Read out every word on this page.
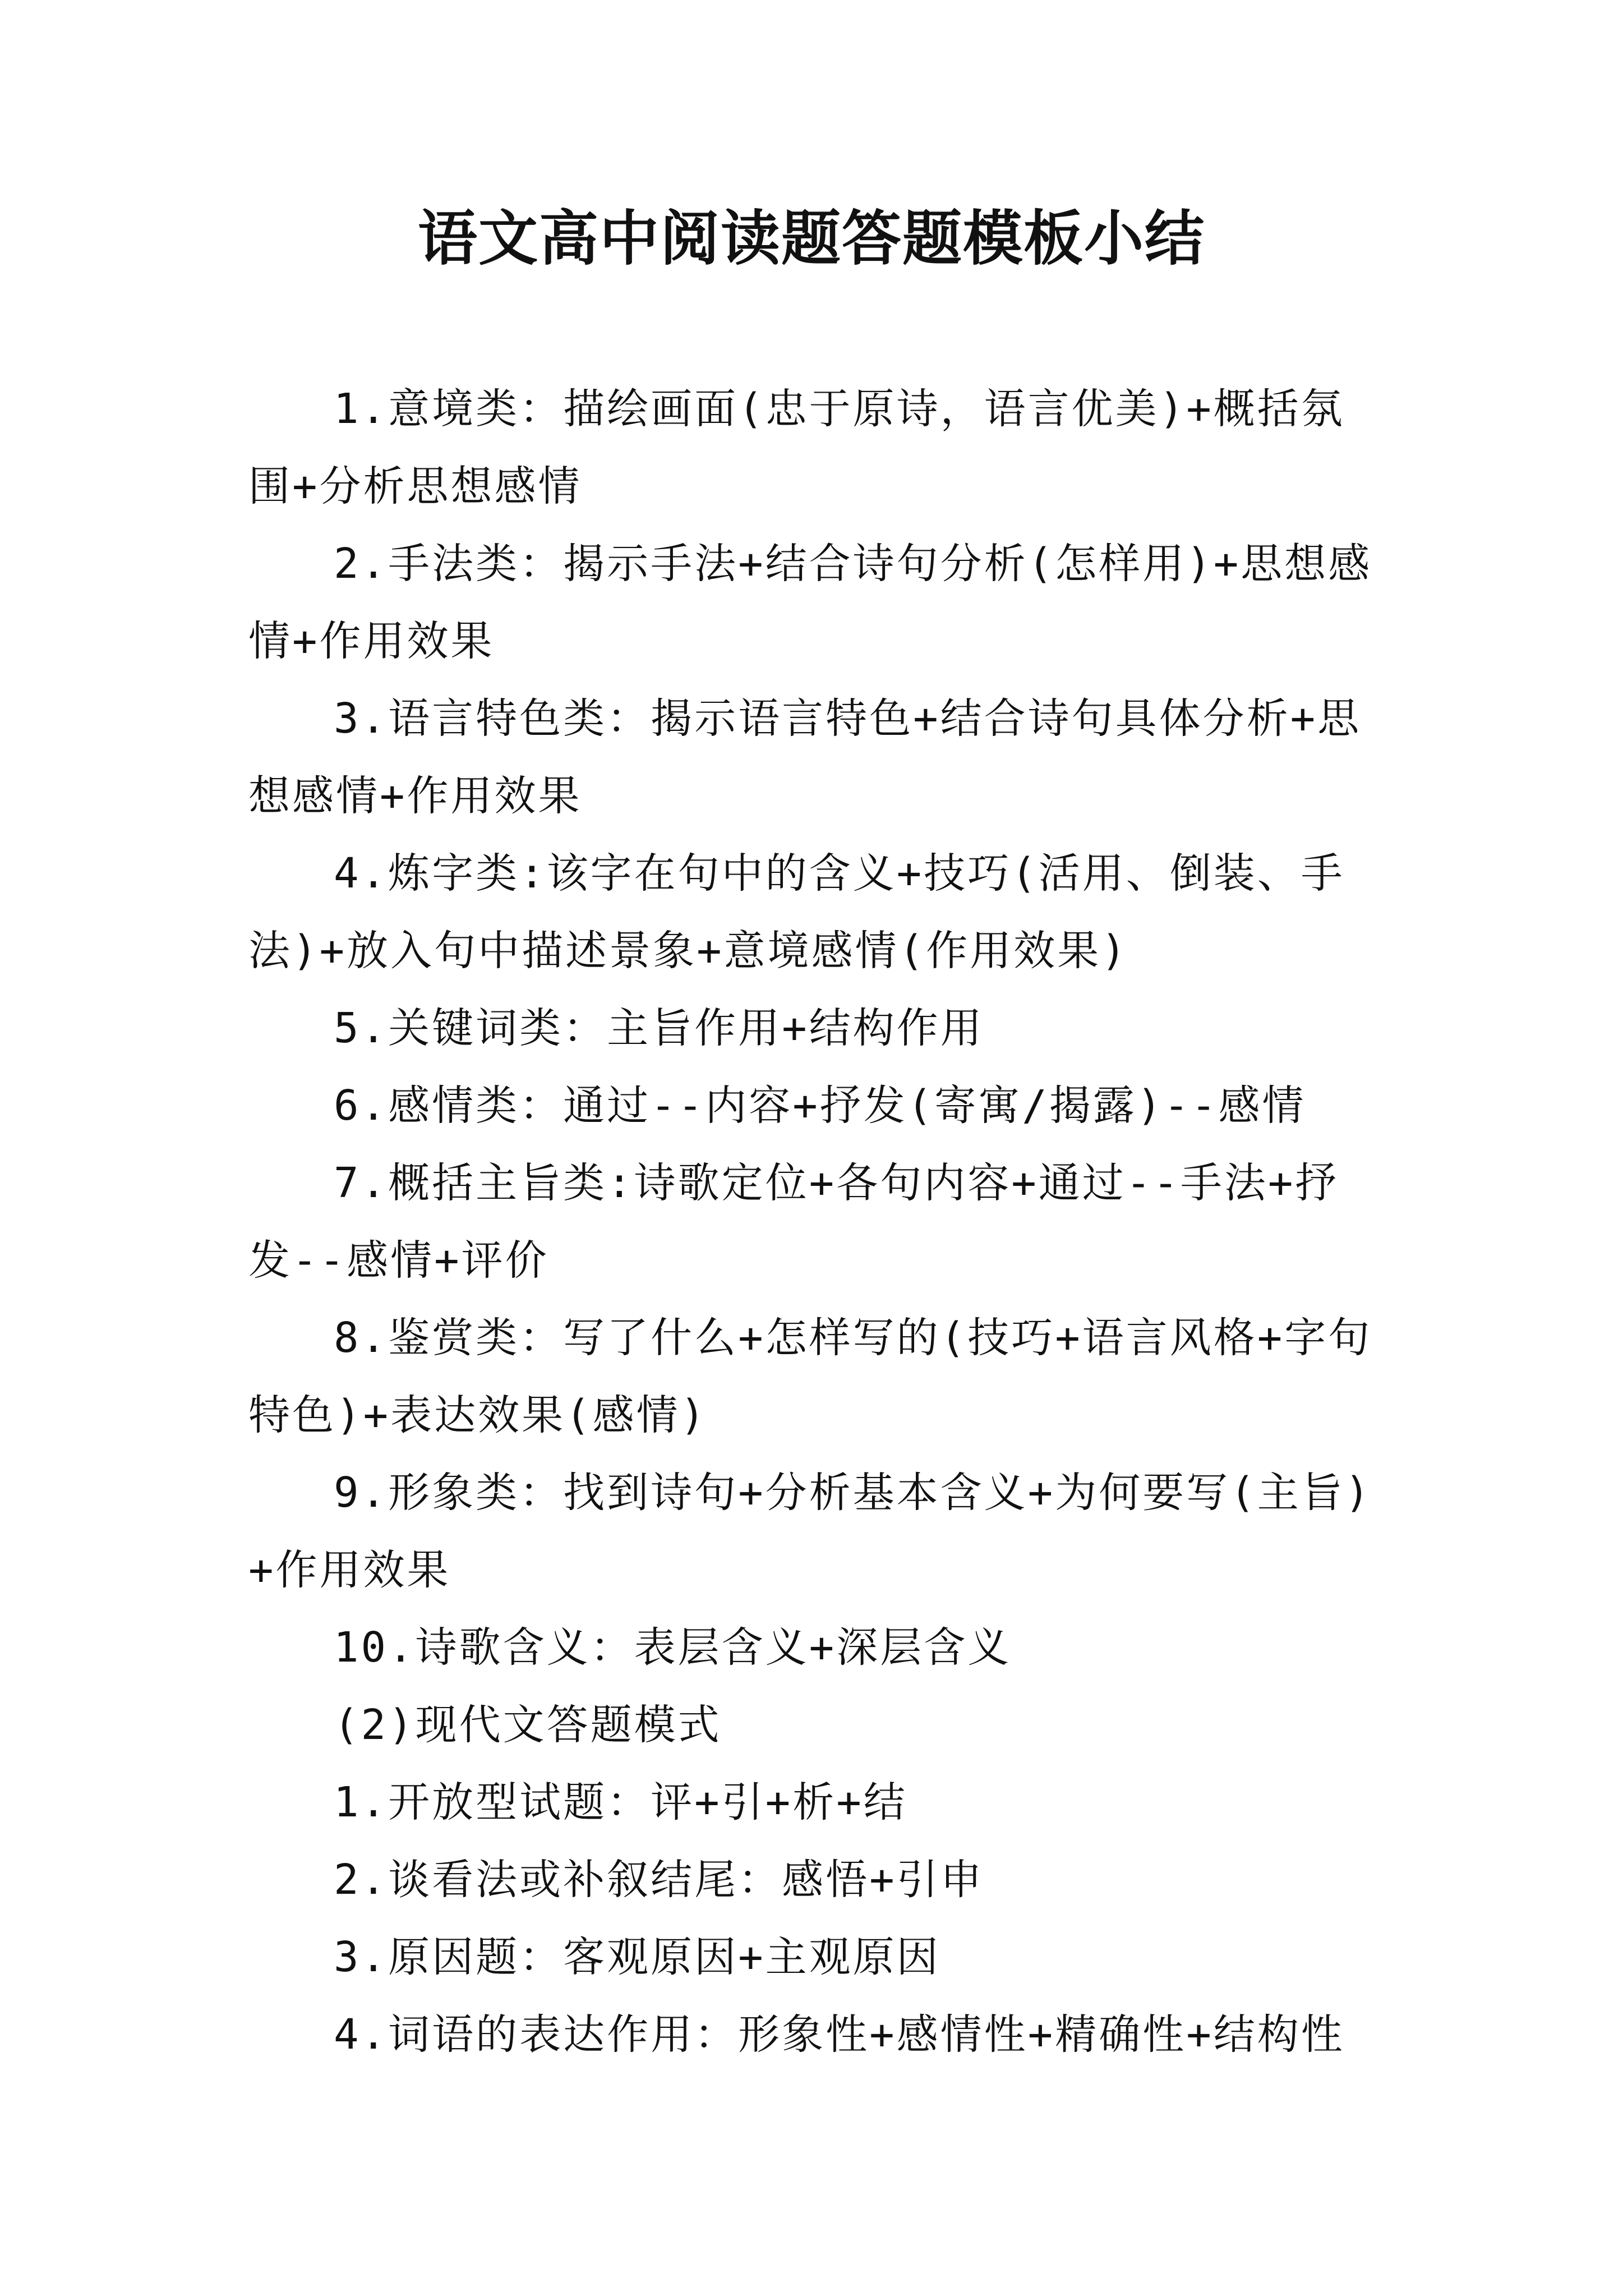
语文高中阅读题答题模板小结

1.意境类：描绘画面(忠于原诗，语言优美)+概括氛围+分析思想感情

2.手法类：揭示手法+结合诗句分析(怎样用)+思想感情+作用效果

3.语言特色类：揭示语言特色+结合诗句具体分析+思想感情+作用效果

4.炼字类:该字在句中的含义+技巧(活用、倒装、手法)+放入句中描述景象+意境感情(作用效果)

5.关键词类：主旨作用+结构作用

6.感情类：通过--内容+抒发(寄寓/揭露)--感情

7.概括主旨类:诗歌定位+各句内容+通过--手法+抒发--感情+评价

8.鉴赏类：写了什么+怎样写的(技巧+语言风格+字句特色)+表达效果(感情)

9.形象类：找到诗句+分析基本含义+为何要写(主旨)+作用效果

10.诗歌含义：表层含义+深层含义

(2)现代文答题模式

1.开放型试题：评+引+析+结

2.谈看法或补叙结尾：感悟+引申

3.原因题：客观原因+主观原因

4.词语的表达作用：形象性+感情性+精确性+结构性
